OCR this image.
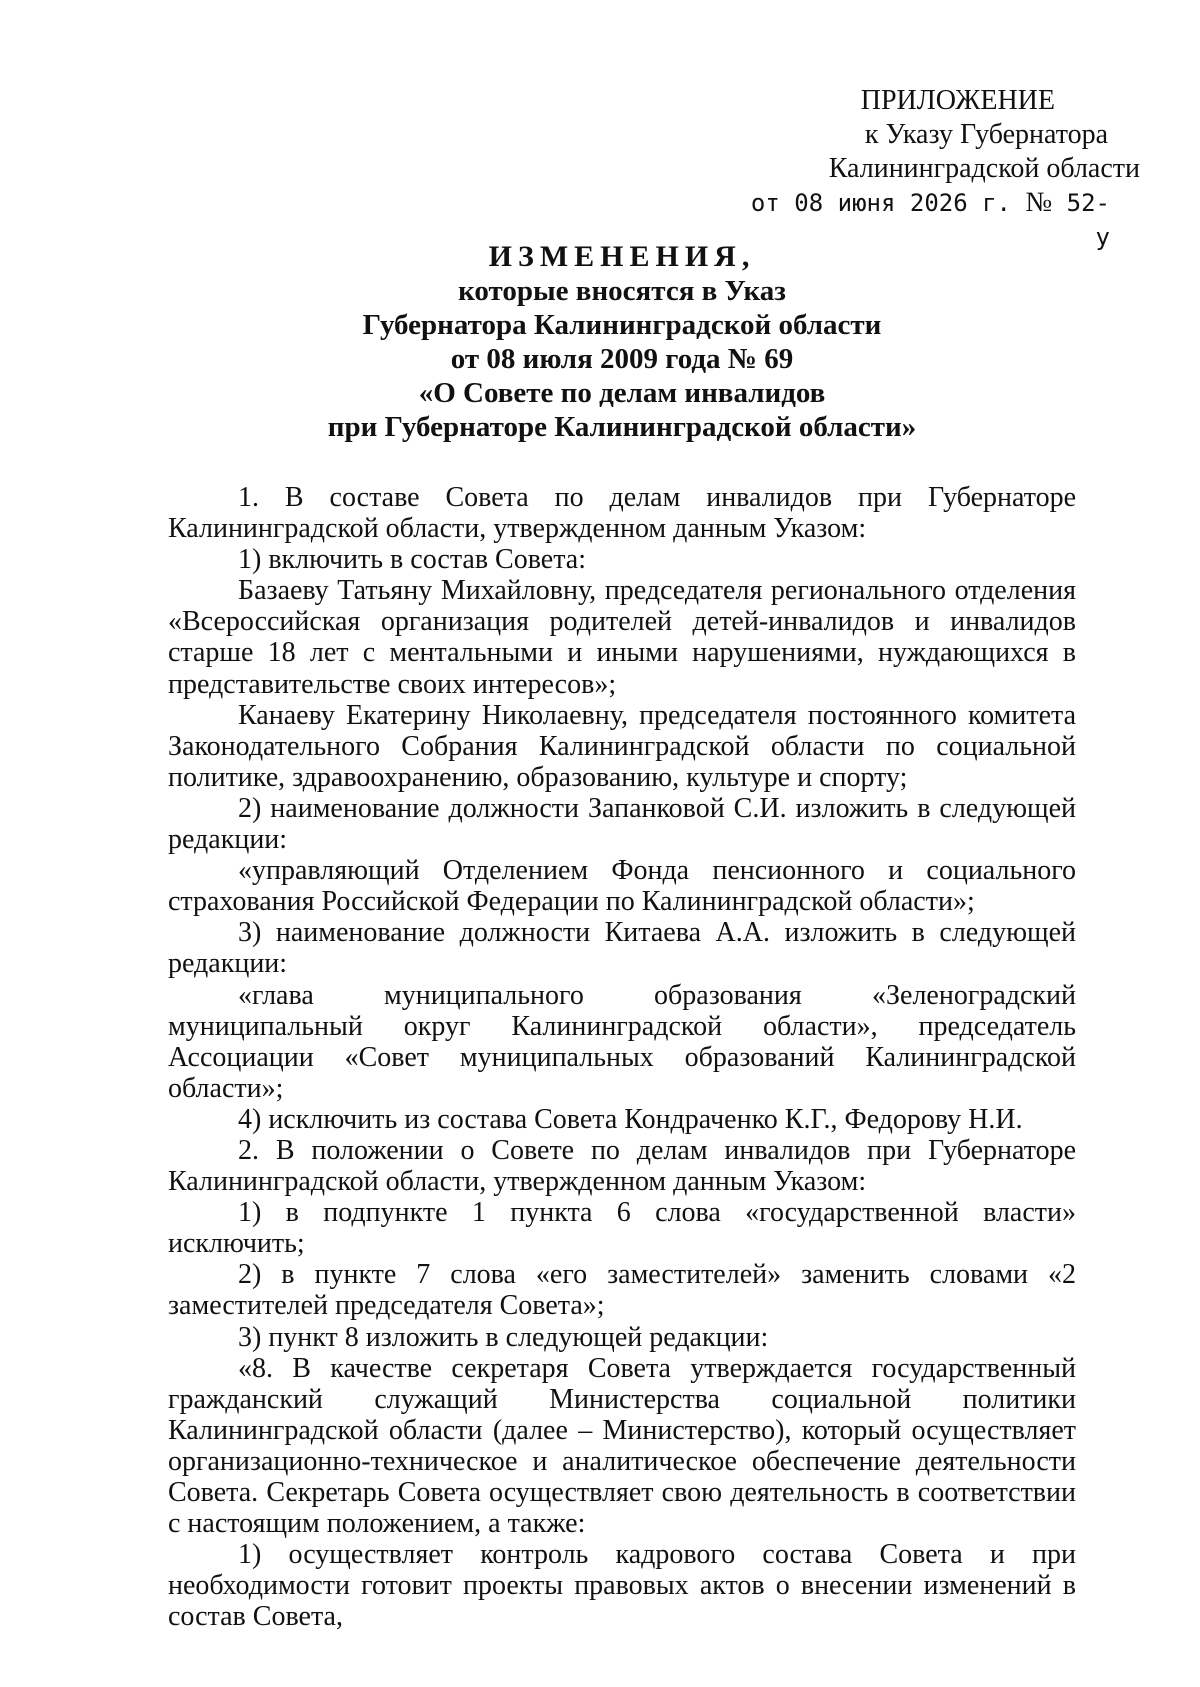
ПРИЛОЖЕНИЕ
к Указу Губернатора
Калининградской области
от 08 июня 2026 г. № 52-у
ИЗМЕНЕНИЯ,
которые вносятся в Указ
Губернатора Калининградской области
от 08 июля 2009 года № 69
«О Совете по делам инвалидов
при Губернаторе Калининградской области»

1. В составе Совета по делам инвалидов при Губернаторе Калининградской области, утвержденном данным Указом:

1) включить в состав Совета:

Базаеву Татьяну Михайловну, председателя регионального отделения «Всероссийская организация родителей детей-инвалидов и инвалидов старше 18 лет с ментальными и иными нарушениями, нуждающихся в представительстве своих интересов»;

Канаеву Екатерину Николаевну, председателя постоянного комитета Законодательного Собрания Калининградской области по социальной политике, здравоохранению, образованию, культуре и спорту;

2) наименование должности Запанковой С.И. изложить в следующей редакции:

«управляющий Отделением Фонда пенсионного и социального страхования Российской Федерации по Калининградской области»;

3) наименование должности Китаева А.А. изложить в следующей редакции:

«глава муниципального образования «Зеленоградский муниципальный округ Калининградской области», председатель Ассоциации «Совет муниципальных образований Калининградской области»;

4) исключить из состава Совета Кондраченко К.Г., Федорову Н.И.

2. В положении о Совете по делам инвалидов при Губернаторе Калининградской области, утвержденном данным Указом:

1) в подпункте 1 пункта 6 слова «государственной власти» исключить;

2) в пункте 7 слова «его заместителей» заменить словами «2 заместителей председателя Совета»;

3) пункт 8 изложить в следующей редакции:

«8. В качестве секретаря Совета утверждается государственный гражданский служащий Министерства социальной политики Калининградской области (далее – Министерство), который осуществляет организационно-техническое и аналитическое обеспечение деятельности Совета. Секретарь Совета осуществляет свою деятельность в соответствии с настоящим положением, а также:

1) осуществляет контроль кадрового состава Совета и при необходимости готовит проекты правовых актов о внесении изменений в состав Совета,
